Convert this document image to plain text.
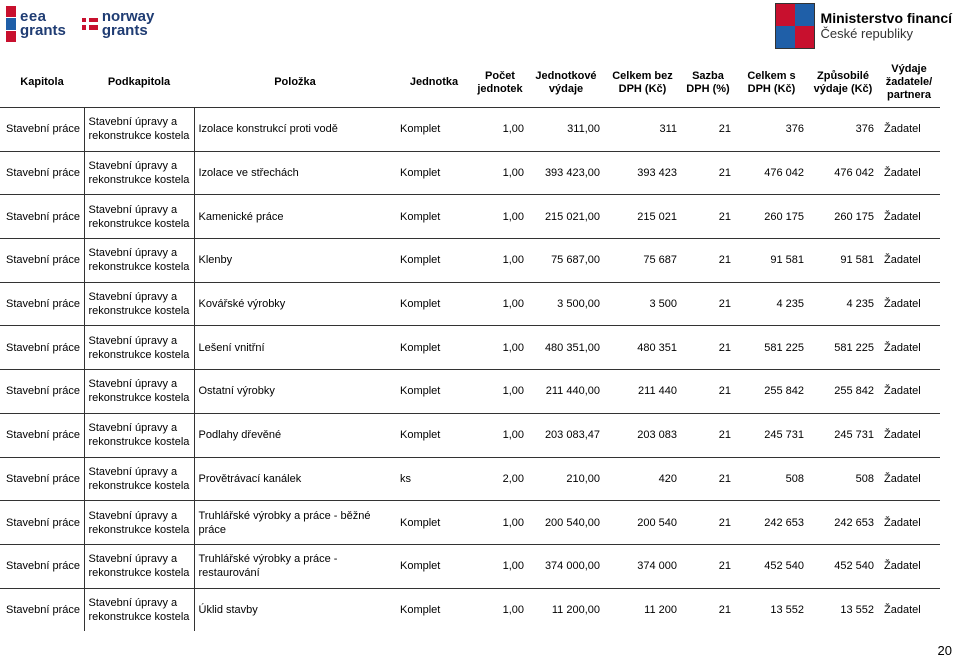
eea
grants
norway
grants
Ministerstvo financí
České republiky
Kapitola	Podkapitola	Položka	Jednotka	Počet jednotek	Jednotkové výdaje	Celkem bez DPH (Kč)	Sazba DPH (%)	Celkem s DPH (Kč)	Způsobilé výdaje (Kč)	Výdaje žadatele/ partnera
Stavební práce	Stavební úpravy a rekonstrukce kostela	Izolace konstrukcí proti vodě	Komplet	1,00	311,00	311	21	376	376	Žadatel
Stavební práce	Stavební úpravy a rekonstrukce kostela	Izolace ve střechách	Komplet	1,00	393 423,00	393 423	21	476 042	476 042	Žadatel
Stavební práce	Stavební úpravy a rekonstrukce kostela	Kamenické práce	Komplet	1,00	215 021,00	215 021	21	260 175	260 175	Žadatel
Stavební práce	Stavební úpravy a rekonstrukce kostela	Klenby	Komplet	1,00	75 687,00	75 687	21	91 581	91 581	Žadatel
Stavební práce	Stavební úpravy a rekonstrukce kostela	Kovářské výrobky	Komplet	1,00	3 500,00	3 500	21	4 235	4 235	Žadatel
Stavební práce	Stavební úpravy a rekonstrukce kostela	Lešení vnitřní	Komplet	1,00	480 351,00	480 351	21	581 225	581 225	Žadatel
Stavební práce	Stavební úpravy a rekonstrukce kostela	Ostatní výrobky	Komplet	1,00	211 440,00	211 440	21	255 842	255 842	Žadatel
Stavební práce	Stavební úpravy a rekonstrukce kostela	Podlahy dřevěné	Komplet	1,00	203 083,47	203 083	21	245 731	245 731	Žadatel
Stavební práce	Stavební úpravy a rekonstrukce kostela	Provětrávací kanálek	ks	2,00	210,00	420	21	508	508	Žadatel
Stavební práce	Stavební úpravy a rekonstrukce kostela	Truhlářské výrobky a práce - běžné práce	Komplet	1,00	200 540,00	200 540	21	242 653	242 653	Žadatel
Stavební práce	Stavební úpravy a rekonstrukce kostela	Truhlářské výrobky a práce - restaurování	Komplet	1,00	374 000,00	374 000	21	452 540	452 540	Žadatel
Stavební práce	Stavební úpravy a rekonstrukce kostela	Úklid stavby	Komplet	1,00	11 200,00	11 200	21	13 552	13 552	Žadatel
20
